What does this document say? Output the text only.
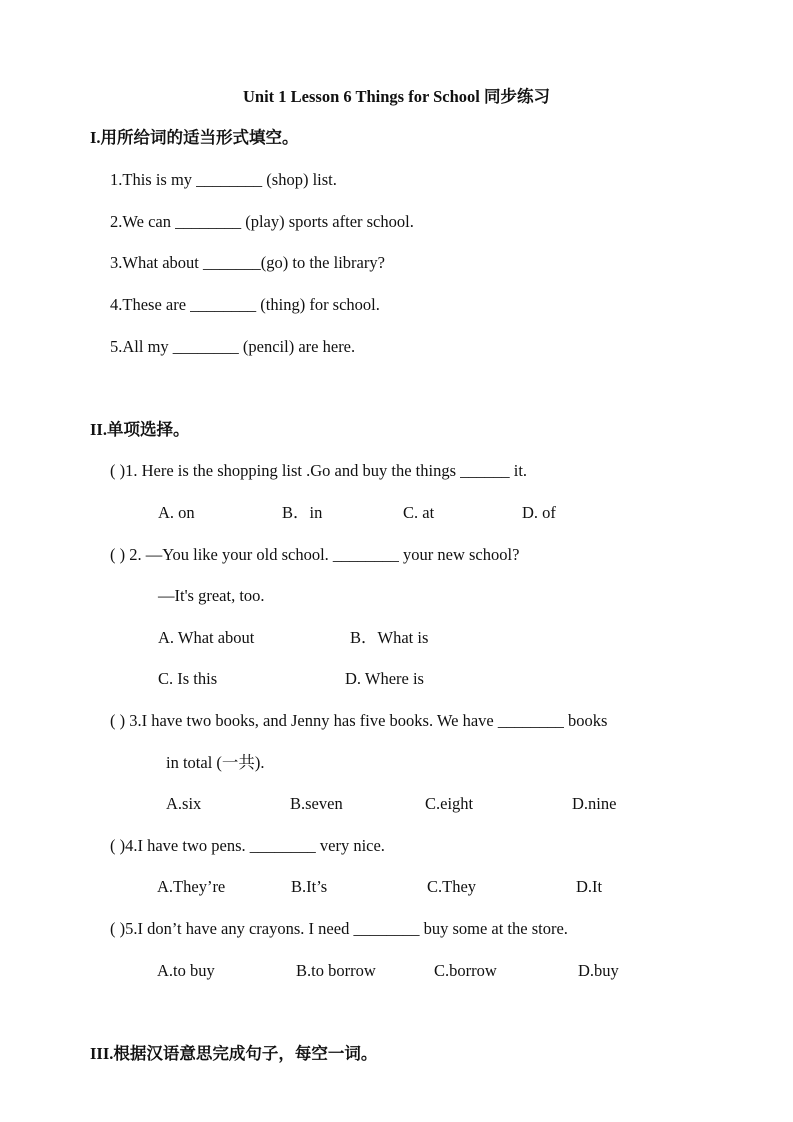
Unit 1 Lesson 6 Things for School 同步练习
I.用所给词的适当形式填空。
1.This is my ________ (shop) list.
2.We can ________ (play) sports after school.
3.What about _______(go) to the library?
4.These are ________ (thing) for school.
5.All my ________ (pencil) are here.
II.单项选择。
( )1. Here is the shopping list .Go and buy the things ______ it.
A. on	B．in	C. at	D. of
( ) 2. —You like your old school. ________ your new school?
—It's great, too.
A. What about	B．What is
C. Is this	D. Where is
( ) 3.I have two books, and Jenny has five books. We have ________ books
in total (一共).
A.six	B.seven	C.eight	D.nine
( )4.I have two pens. ________ very nice.
A.They’re	B.It’s	C.They	D.It
( )5.I don’t have any crayons. I need ________ buy some at the store.
A.to buy	B.to borrow	C.borrow	D.buy
III.根据汉语意思完成句子，每空一词。
